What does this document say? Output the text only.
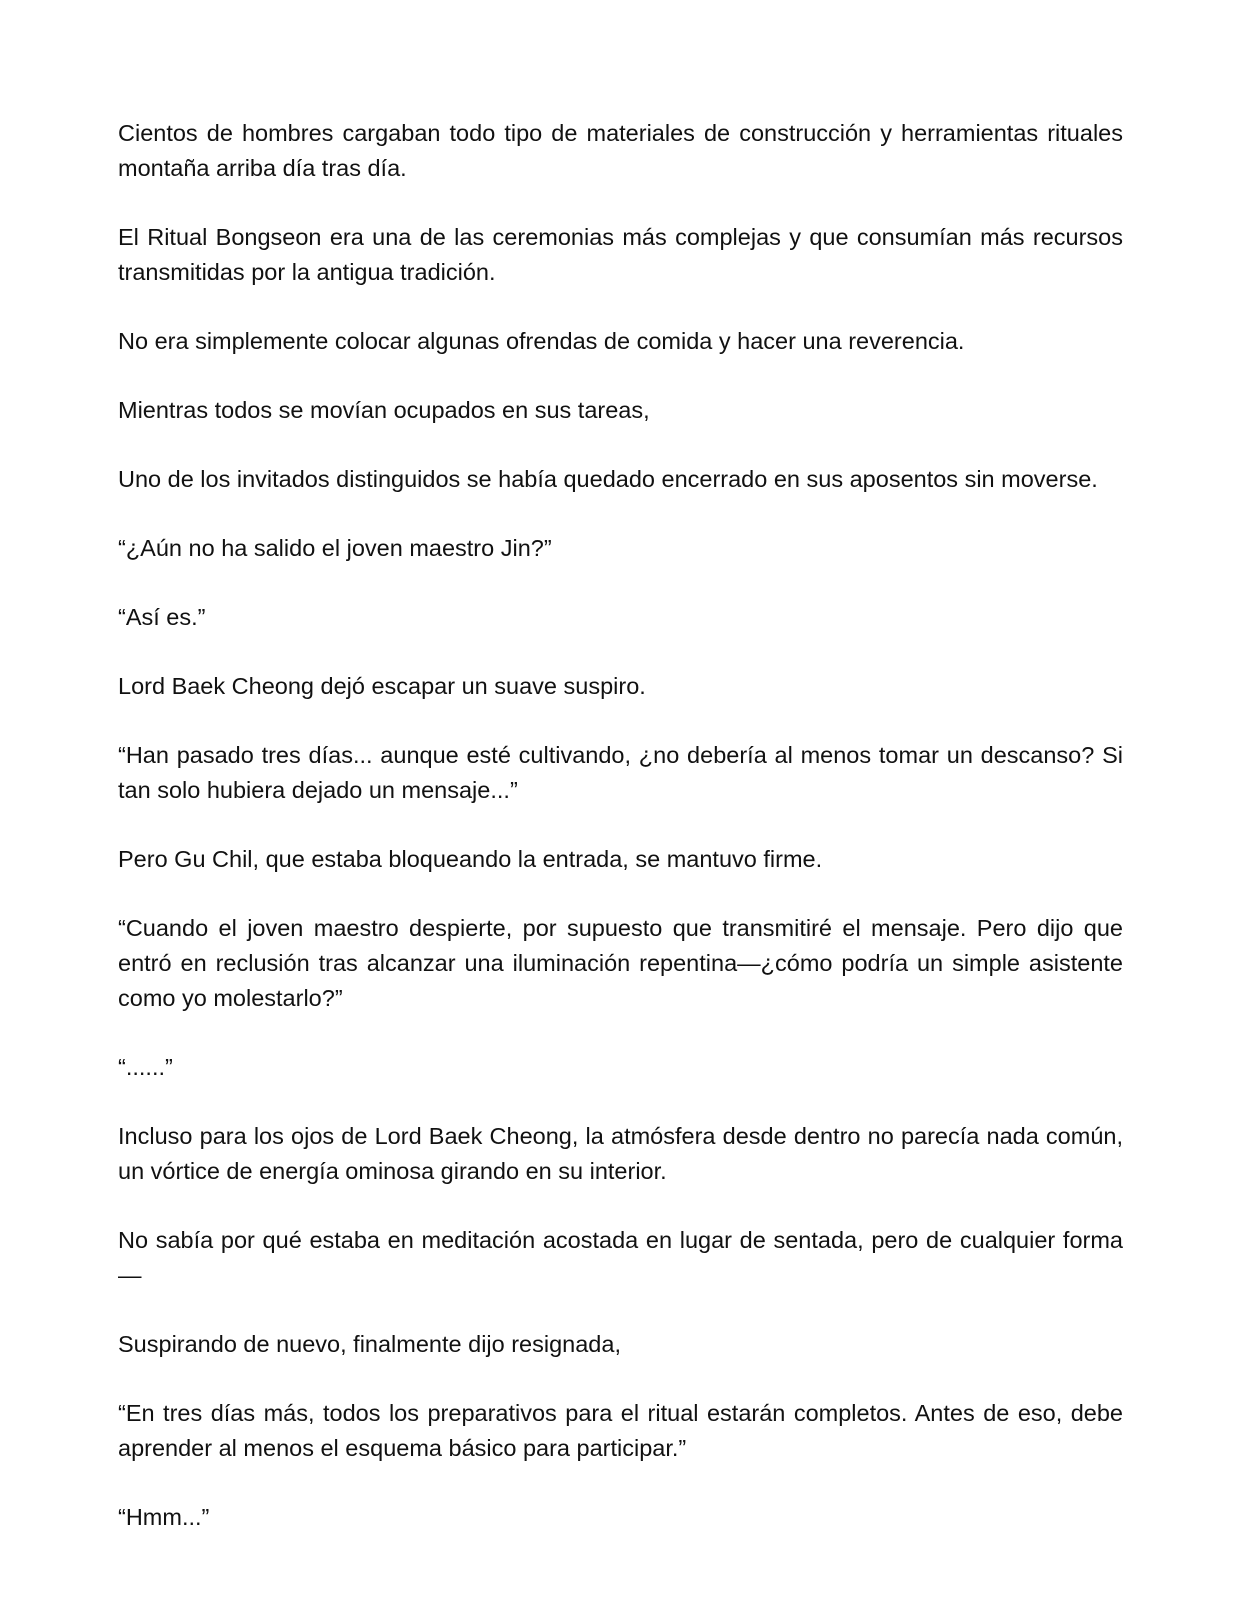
Cientos de hombres cargaban todo tipo de materiales de construcción y herramientas rituales montaña arriba día tras día.

El Ritual Bongseon era una de las ceremonias más complejas y que consumían más recursos transmitidas por la antigua tradición.

No era simplemente colocar algunas ofrendas de comida y hacer una reverencia.

Mientras todos se movían ocupados en sus tareas,

Uno de los invitados distinguidos se había quedado encerrado en sus aposentos sin moverse.

“¿Aún no ha salido el joven maestro Jin?”

“Así es.”

Lord Baek Cheong dejó escapar un suave suspiro.

“Han pasado tres días... aunque esté cultivando, ¿no debería al menos tomar un descanso? Si tan solo hubiera dejado un mensaje...”

Pero Gu Chil, que estaba bloqueando la entrada, se mantuvo firme.

“Cuando el joven maestro despierte, por supuesto que transmitiré el mensaje. Pero dijo que entró en reclusión tras alcanzar una iluminación repentina—¿cómo podría un simple asistente como yo molestarlo?”

“......”

Incluso para los ojos de Lord Baek Cheong, la atmósfera desde dentro no parecía nada común, un vórtice de energía ominosa girando en su interior.

No sabía por qué estaba en meditación acostada en lugar de sentada, pero de cualquier forma—

Suspirando de nuevo, finalmente dijo resignada,

“En tres días más, todos los preparativos para el ritual estarán completos. Antes de eso, debe aprender al menos el esquema básico para participar.”

“Hmm...”
